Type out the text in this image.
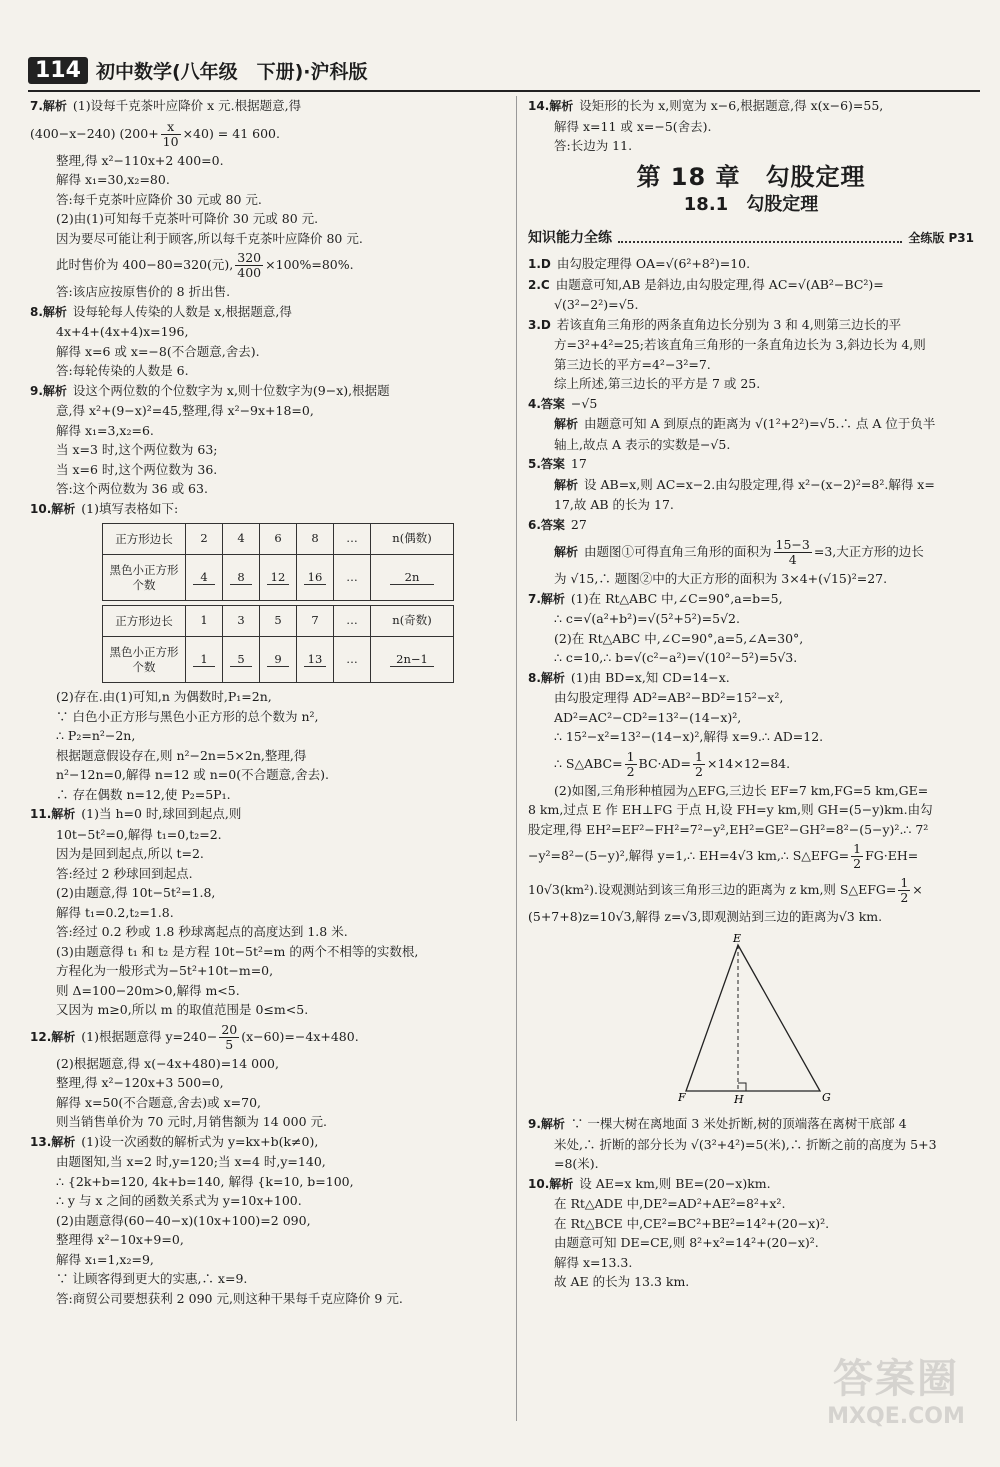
114 初中数学(八年级　下册)·沪科版

7.解析 (1)设每千克茶叶应降价 x 元.根据题意,得

(400−x−240) $(200+ \frac{x}{10} \times 40) = 41$ 600.

整理,得 x²−110x+2 400=0.

解得 x₁=30,x₂=80.

答:每千克茶叶应降价 30 元或 80 元.

(2)由(1)可知每千克茶叶可降价 30 元或 80 元.

因为要尽可能让利于顾客,所以每千克茶叶应降价 80 元.

此时售价为 400−80=320(元), $\frac{320}{400} \times 100\%=80\%$.

答:该店应按原售价的 8 折出售.

8.解析 设每轮每人传染的人数是 x,根据题意,得

4x+4+(4x+4)x=196,

解得 x=6 或 x=−8(不合题意,舍去).

答:每轮传染的人数是 6.

9.解析 设这个两位数的个位数字为 x,则十位数字为(9−x),根据题

意,得 x²+(9−x)²=45,整理,得 x²−9x+18=0,

解得 x₁=3,x₂=6.

当 x=3 时,这个两位数为 63;

当 x=6 时,这个两位数为 36.

答:这个两位数为 36 或 63.

10.解析 (1)填写表格如下:

正方形边长	2	4	6	8	…	n(偶数)
黑色小正方形个数	4	8	12	16	…	2n
正方形边长	1	3	5	7	…	n(奇数)
黑色小正方形个数	1	5	9	13	…	2n−1

(2)存在.由(1)可知,n 为偶数时,P₁=2n,

∵ 白色小正方形与黑色小正方形的总个数为 n²,

∴ P₂=n²−2n,

根据题意假设存在,则 n²−2n=5×2n,整理,得

n²−12n=0,解得 n=12 或 n=0(不合题意,舍去).

∴ 存在偶数 n=12,使 P₂=5P₁.

11.解析 (1)当 h=0 时,球回到起点,则

10t−5t²=0,解得 t₁=0,t₂=2.

因为是回到起点,所以 t=2.

答:经过 2 秒球回到起点.

(2)由题意,得 10t−5t²=1.8,

解得 t₁=0.2,t₂=1.8.

答:经过 0.2 秒或 1.8 秒球离起点的高度达到 1.8 米.

(3)由题意得 t₁ 和 t₂ 是方程 10t−5t²=m 的两个不相等的实数根,

方程化为一般形式为−5t²+10t−m=0,

则 Δ=100−20m>0,解得 m<5.

又因为 m≥0,所以 m 的取值范围是 0≤m<5.

12.解析 (1)根据题意得 $y=240- \frac{20}{5} (x-60)=-4x+480$.

(2)根据题意,得 x(−4x+480)=14 000,

整理,得 x²−120x+3 500=0,

解得 x=50(不合题意,舍去)或 x=70,

则当销售单价为 70 元时,月销售额为 14 000 元.

13.解析 (1)设一次函数的解析式为 y=kx+b(k≠0),

由题图知,当 x=2 时,y=120;当 x=4 时,y=140,

∴ {2k+b=120, 4k+b=140, 解得 {k=10, b=100,

∴ y 与 x 之间的函数关系式为 y=10x+100.

(2)由题意得(60−40−x)(10x+100)=2 090,

整理得 x²−10x+9=0,

解得 x₁=1,x₂=9,

∵ 让顾客得到更大的实惠,∴ x=9.

答:商贸公司要想获利 2 090 元,则这种干果每千克应降价 9 元.

14.解析 设矩形的长为 x,则宽为 x−6,根据题意,得 x(x−6)=55,

解得 x=11 或 x=−5(舍去).

答:长边为 11.

第 18 章　勾股定理
18.1　勾股定理
知识能力全练	全练版 P31

1.D 由勾股定理得 OA=√(6²+8²)=10.

2.C 由题意可知,AB 是斜边,由勾股定理,得 AC=√(AB²−BC²)=

√(3²−2²)=√5.

3.D 若该直角三角形的两条直角边长分别为 3 和 4,则第三边长的平

方=3²+4²=25;若该直角三角形的一条直角边长为 3,斜边长为 4,则

第三边长的平方=4²−3²=7.

综上所述,第三边长的平方是 7 或 25.

4.答案 −√5

解析 由题意可知 A 到原点的距离为 √(1²+2²)=√5.∴ 点 A 位于负半

轴上,故点 A 表示的实数是−√5.

5.答案 17

解析 设 AB=x,则 AC=x−2.由勾股定理,得 x²−(x−2)²=8².解得 x=

17,故 AB 的长为 17.

6.答案 27

解析 由题图①可得直角三角形的面积为 $\frac{15-3}{4} =3$,大正方形的边长

为 √15,∴ 题图②中的大正方形的面积为 3×4+(√15)²=27.

7.解析 (1)在 Rt△ABC 中,∠C=90°,a=b=5,

∴ c=√(a²+b²)=√(5²+5²)=5√2.

(2)在 Rt△ABC 中,∠C=90°,a=5,∠A=30°,

∴ c=10,∴ b=√(c²−a²)=√(10²−5²)=5√3.

8.解析 (1)由 BD=x,知 CD=14−x.

由勾股定理得 AD²=AB²−BD²=15²−x²,

AD²=AC²−CD²=13²−(14−x)²,

∴ 15²−x²=13²−(14−x)²,解得 x=9.∴ AD=12.

∴ S△ABC= $\frac{1}{2} BC\cdot AD= \frac{1}{2} \times 14\times 12=84$.

(2)如图,三角形种植园为△EFG,三边长 EF=7 km,FG=5 km,GE=

8 km,过点 E 作 EH⊥FG 于点 H,设 FH=y km,则 GH=(5−y)km.由勾

股定理,得 EH²=EF²−FH²=7²−y²,EH²=GE²−GH²=8²−(5−y)².∴ 7²

−y²=8²−(5−y)²,解得 y=1,∴ EH=4√3 km,∴ S△EFG= $\frac{1}{2} FG\cdot EH=$

10√3(km²).设观测站到该三角形三边的距离为 z km,则 S△EFG= $\frac{1}{2}$ ×

(5+7+8)z=10√3,解得 z=√3,即观测站到三边的距离为√3 km.

E
F	H	G

9.解析 ∵ 一棵大树在离地面 3 米处折断,树的顶端落在离树干底部 4

米处,∴ 折断的部分长为 √(3²+4²)=5(米),∴ 折断之前的高度为 5+3

=8(米).

10.解析 设 AE=x km,则 BE=(20−x)km.

在 Rt△ADE 中,DE²=AD²+AE²=8²+x².

在 Rt△BCE 中,CE²=BC²+BE²=14²+(20−x)².

由题意可知 DE=CE,则 8²+x²=14²+(20−x)².

解得 x=13.3.

故 AE 的长为 13.3 km.

答案圈
MXQE.COM
